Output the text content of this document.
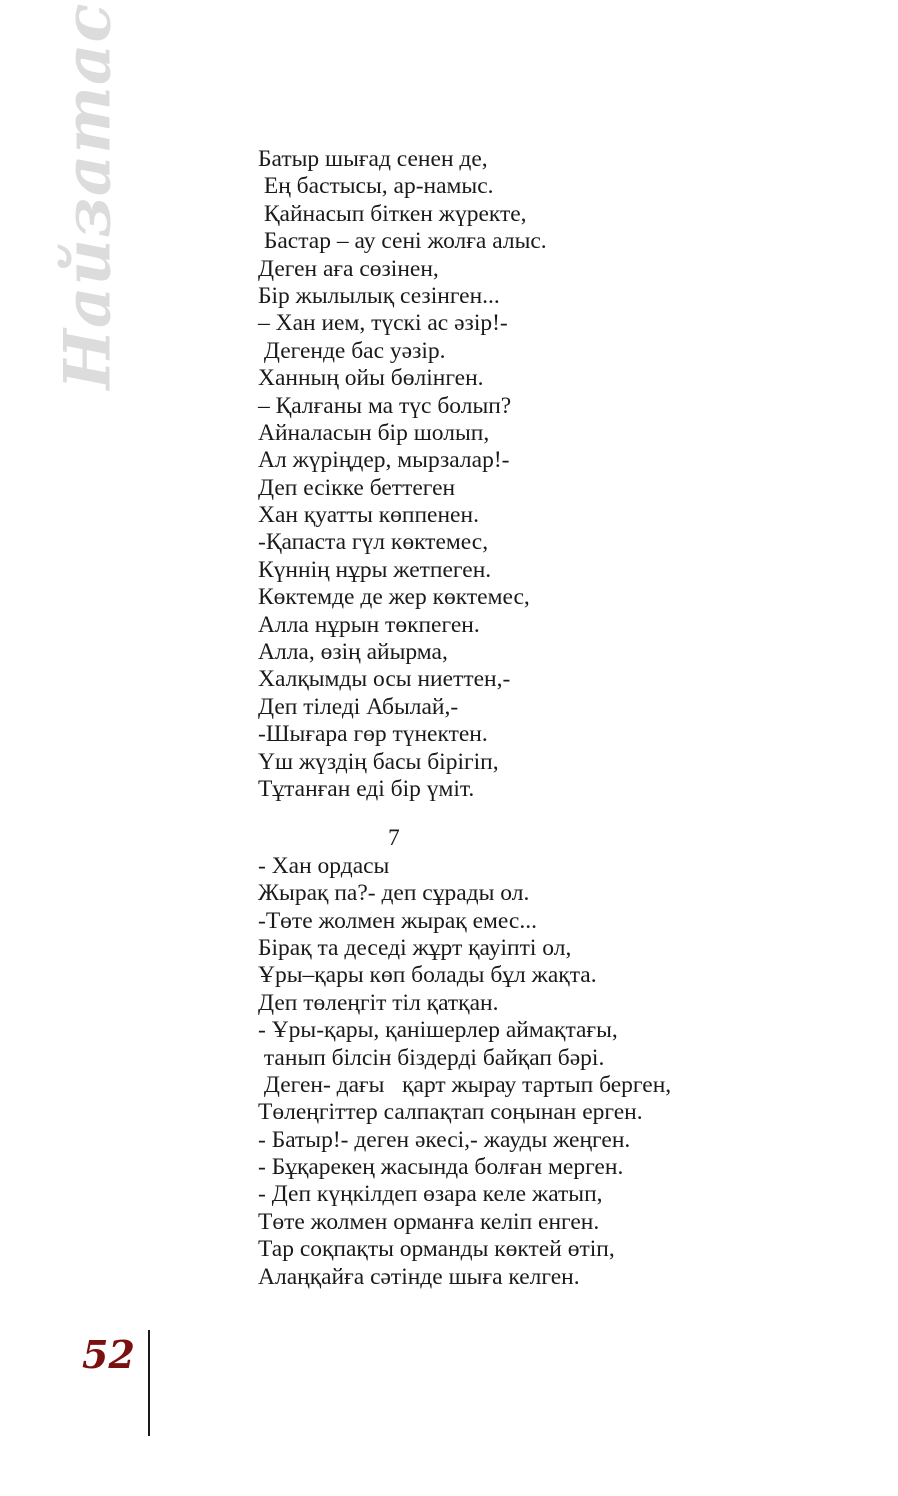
Найзатас	Батыр шығад сенен де,
Ең бастысы, ар-намыс.
Қайнасып біткен жүректе,
Бастар – ау сені жолға алыс.
Деген аға сөзінен,
Бір жылылық сезінген...
– Хан ием, түскі ас әзір!-
Дегенде бас уәзір.
Ханның ойы бөлінген.
– Қалғаны ма түс болып?
Айналасын бір шолып,
Ал жүріңдер, мырзалар!-
Деп есікке беттеген
Хан қуатты көппенен.
-Қапаста гүл көктемес,
Күннің нұры жетпеген.
Көктемде де жер көктемес,
Алла нұрын төкпеген.
Алла, өзің айырма,
Халқымды осы ниеттен,-
Деп тіледі Абылай,-
-Шығара гөр түнектен.
Үш жүздің басы бірігіп,
Тұтанған еді бір үміт.
7
- Хан ордасы
Жырақ па?- деп сұрады ол.
-Төте жолмен жырақ емес...
Бірақ та деседі жұрт қауіпті ол,
Ұры–қары көп болады бұл жақта.
Деп төлеңгіт тіл қатқан.
- Ұры-қары, қанішерлер аймақтағы,
танып білсін біздерді байқап бәрі.
Деген- дағы   қарт жырау тартып берген,
Төлеңгіттер салпақтап соңынан ерген.
- Батыр!- деген әкесі,- жауды жеңген.
- Бұқарекең жасында болған мерген.
- Деп күңкілдеп өзара келе жатып,
Төте жолмен орманға келіп енген.
Тар соқпақты орманды көктей өтіп,
Алаңқайға сәтінде шыға келген.
52
